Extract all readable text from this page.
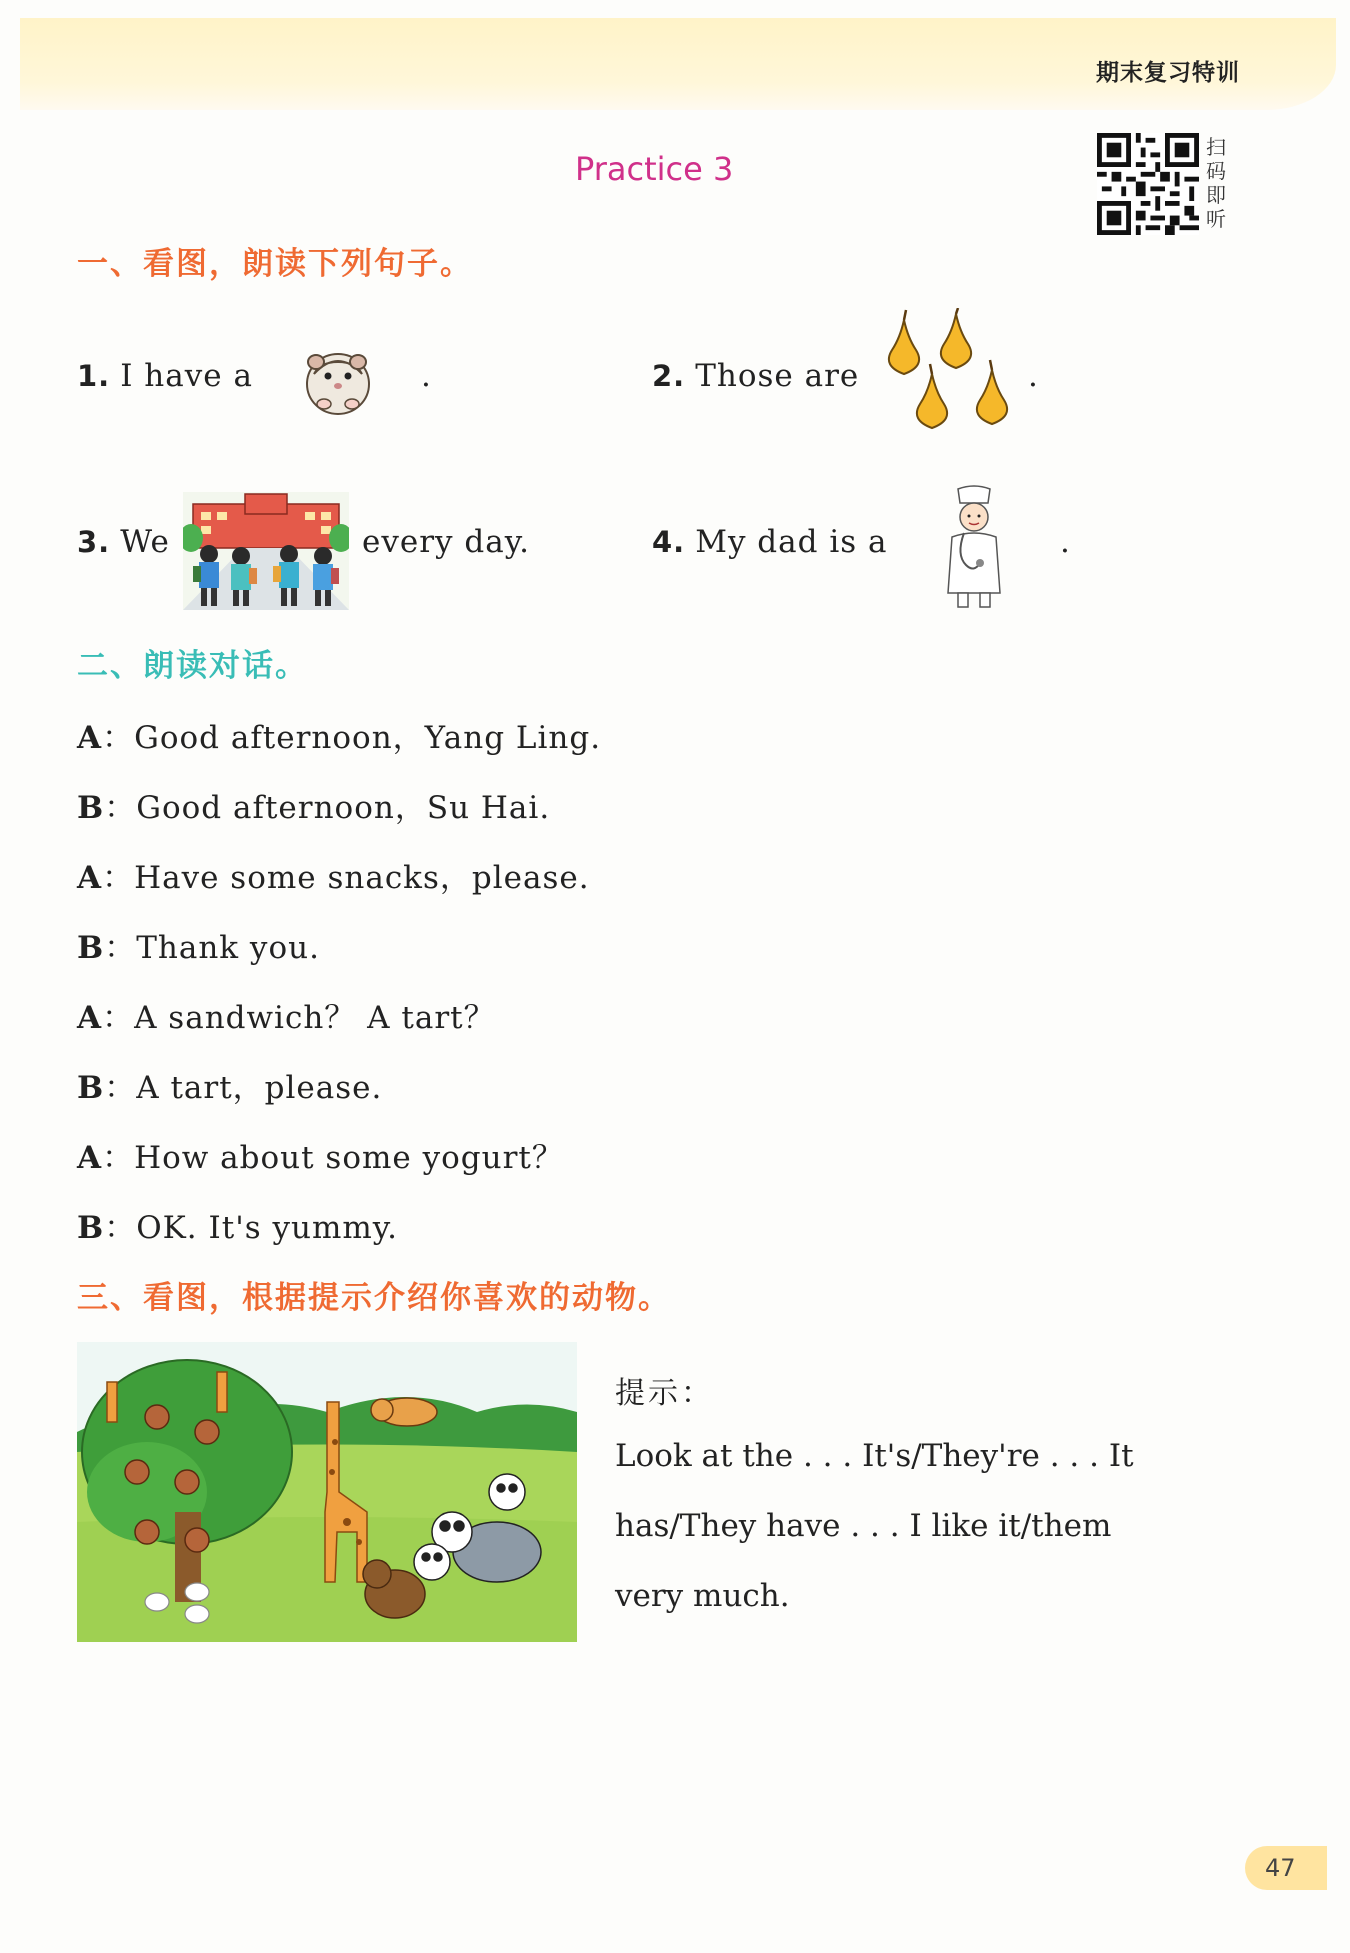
期末复习特训
扫
码
即
听
Practice 3
一、看图，朗读下列句子。
1. I have a	.	2. Those are	.
3. We	every day.	4. My dad is a	.
二、朗读对话。
A：Good afternoon，Yang Ling.
B：Good afternoon，Su Hai.
A：Have some snacks，please.
B：Thank you.
A：A sandwich？ A tart？
B：A tart，please.
A：How about some yogurt？
B：OK. It's yummy.
三、看图，根据提示介绍你喜欢的动物。
提示：
Look at the . . . It's/They're . . . It
has/They have . . . I like it/them
very much.
47
